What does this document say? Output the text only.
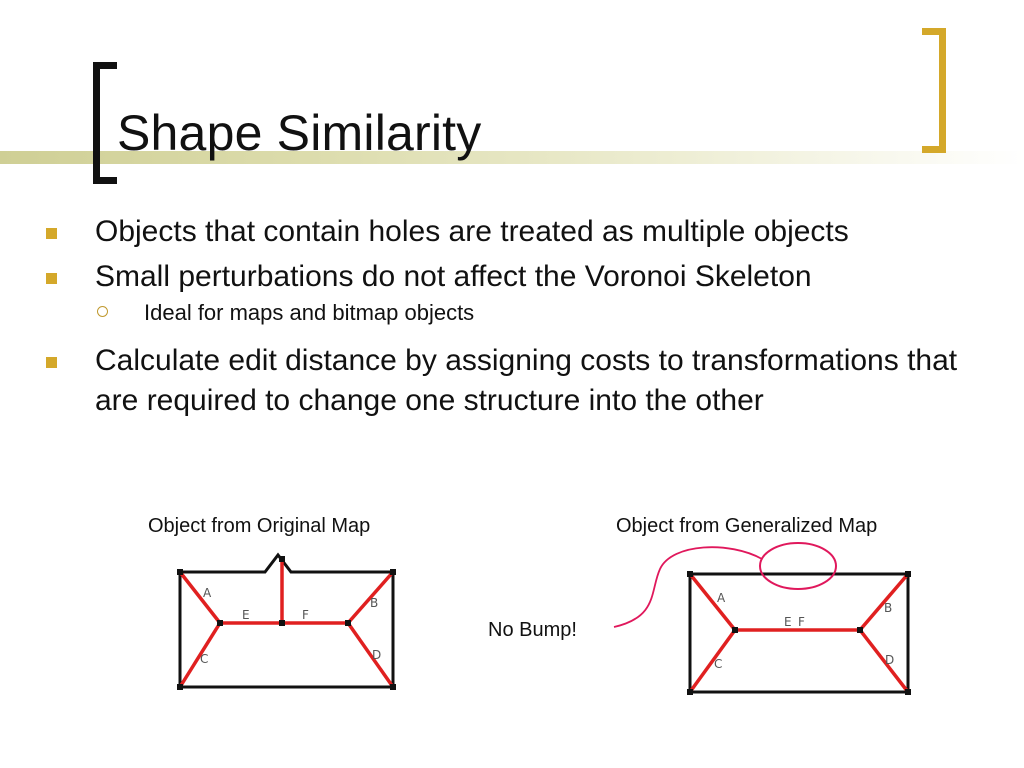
Shape Similarity
Objects that contain holes are treated as multiple objects
Small perturbations do not affect the Voronoi Skeleton
Ideal for maps and bitmap objects
Calculate edit distance by assigning costs to transformations that are required to change one structure into the other
Object from Original Map	Object from Generalized Map
No Bump!
A
B
C	D
E	F
A
B
C	D
E F
